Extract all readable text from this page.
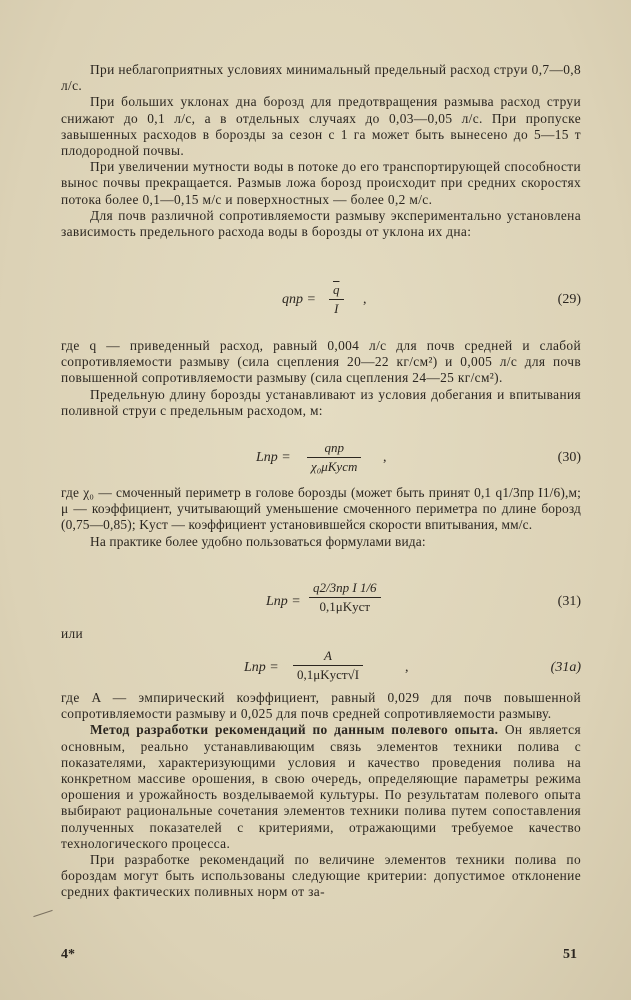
При неблагоприятных условиях минимальный предельный расход струи 0,7—0,8 л/с.

При больших уклонах дна борозд для предотвращения размыва расход струи снижают до 0,1 л/с, а в отдельных случаях до 0,03—0,05 л/с. При пропуске завышенных расходов в борозды за сезон с 1 га может быть вынесено до 5—15 т плодородной почвы.

При увеличении мутности воды в потоке до его транспортирующей способности вынос почвы прекращается. Размыв ложа борозд происходит при средних скоростях потока более 0,1—0,15 м/с и поверхностных — более 0,2 м/с.

Для почв различной сопротивляемости размыву экспериментально установлена зависимость предельного расхода воды в борозды от уклона их дна:

qпр =
$\overline{q}$
I
,	(29)

где q — приведенный расход, равный 0,004 л/с для почв средней и слабой сопротивляемости размыву (сила сцепления 20—22 кг/см²) и 0,005 л/с для почв повышенной сопротивляемости размыву (сила сцепления 24—25 кг/см²).

Предельную длину борозды устанавливают из условия добегания и впитывания поливной струи с предельным расходом, м:

Lпр =
qпр
χ₀μKуст
,	(30)

где χ₀ — смоченный периметр в голове борозды (может быть принят 0,1 q1/3пр I1/6),м; μ — коэффициент, учитывающий уменьшение смоченного периметра по длине борозд (0,75—0,85); Kуст — коэффициент установившейся скорости впитывания, мм/с.

На практике более удобно пользоваться формулами вида:

Lпр =
q2/3пр I 1/6
0,1μKуст	(31)

или

Lпр =
A
0,1μKуст√I	,	(31a)

где A — эмпирический коэффициент, равный 0,029 для почв повышенной сопротивляемости размыву и 0,025 для почв средней сопротивляемости размыву.

Метод разработки рекомендаций по данным полевого опыта. Он является основным, реально устанавливающим связь элементов техники полива с показателями, характеризующими условия и качество проведения полива на конкретном массиве орошения, в свою очередь, определяющие параметры режима орошения и урожайность возделываемой культуры. По результатам полевого опыта выбирают рациональные сочетания элементов техники полива путем сопоставления полученных показателей с критериями, отражающими требуемое качество технологического процесса.

При разработке рекомендаций по величине элементов техники полива по бороздам могут быть использованы следующие критерии: допустимое отклонение средних фактических поливных норм от за-

4*	51
